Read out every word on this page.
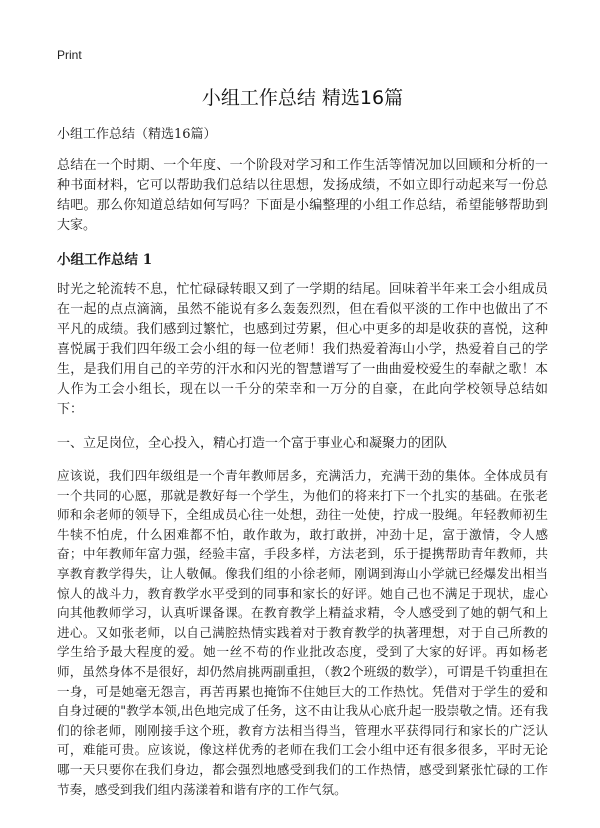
Print
小组工作总结 精选16篇
小组工作总结（精选16篇）

总结在一个时期、一个年度、一个阶段对学习和工作生活等情况加以回顾和分析的一种书面材料，它可以帮助我们总结以往思想，发扬成绩，不如立即行动起来写一份总结吧。那么你知道总结如何写吗？下面是小编整理的小组工作总结，希望能够帮助到大家。

小组工作总结 1

时光之轮流转不息，忙忙碌碌转眼又到了一学期的结尾。回味着半年来工会小组成员在一起的点点滴滴，虽然不能说有多么轰轰烈烈，但在看似平淡的工作中也做出了不平凡的成绩。我们感到过繁忙，也感到过劳累，但心中更多的却是收获的喜悦，这种喜悦属于我们四年级工会小组的每一位老师！我们热爱着海山小学，热爱着自己的学生，是我们用自己的辛劳的汗水和闪光的智慧谱写了一曲曲爱校爱生的奉献之歌！本人作为工会小组长，现在以一千分的荣幸和一万分的自豪，在此向学校领导总结如下：

一、立足岗位，全心投入，精心打造一个富于事业心和凝聚力的团队

应该说，我们四年级组是一个青年教师居多，充满活力，充满干劲的集体。全体成员有一个共同的心愿，那就是教好每一个学生，为他们的将来打下一个扎实的基础。在张老师和余老师的领导下，全组成员心往一处想，劲往一处使，拧成一股绳。年轻教师初生牛犊不怕虎，什么困难都不怕，敢作敢为，敢打敢拼，冲劲十足，富于激情，令人感奋；中年教师年富力强，经验丰富，手段多样，方法老到，乐于提携帮助青年教师，共享教育教学得失，让人敬佩。像我们组的小徐老师，刚调到海山小学就已经爆发出相当惊人的战斗力，教育教学水平受到的同事和家长的好评。她自己也不满足于现状，虚心向其他教师学习，认真听课备课。在教育教学上精益求精，令人感受到了她的朝气和上进心。又如张老师，以自己满腔热情实践着对于教育教学的执著理想，对于自己所教的学生给予最大程度的爱。她一丝不苟的作业批改态度，受到了大家的好评。再如杨老师，虽然身体不是很好，却仍然肩挑两副重担，（教2个班级的数学），可谓是千钧重担在一身，可是她毫无怨言，再苦再累也掩饰不住她巨大的工作热忱。凭借对于学生的爱和自身过硬的"教学本领,出色地完成了任务，这不由让我从心底升起一股崇敬之情。还有我们的徐老师，刚刚接手这个班，教育方法相当得当，管理水平获得同行和家长的广泛认可，难能可贵。应该说，像这样优秀的老师在我们工会小组中还有很多很多，平时无论哪一天只要你在我们身边，都会强烈地感受到我们的工作热情，感受到紧张忙碌的工作节奏，感受到我们组内荡漾着和谐有序的工作气氛。
